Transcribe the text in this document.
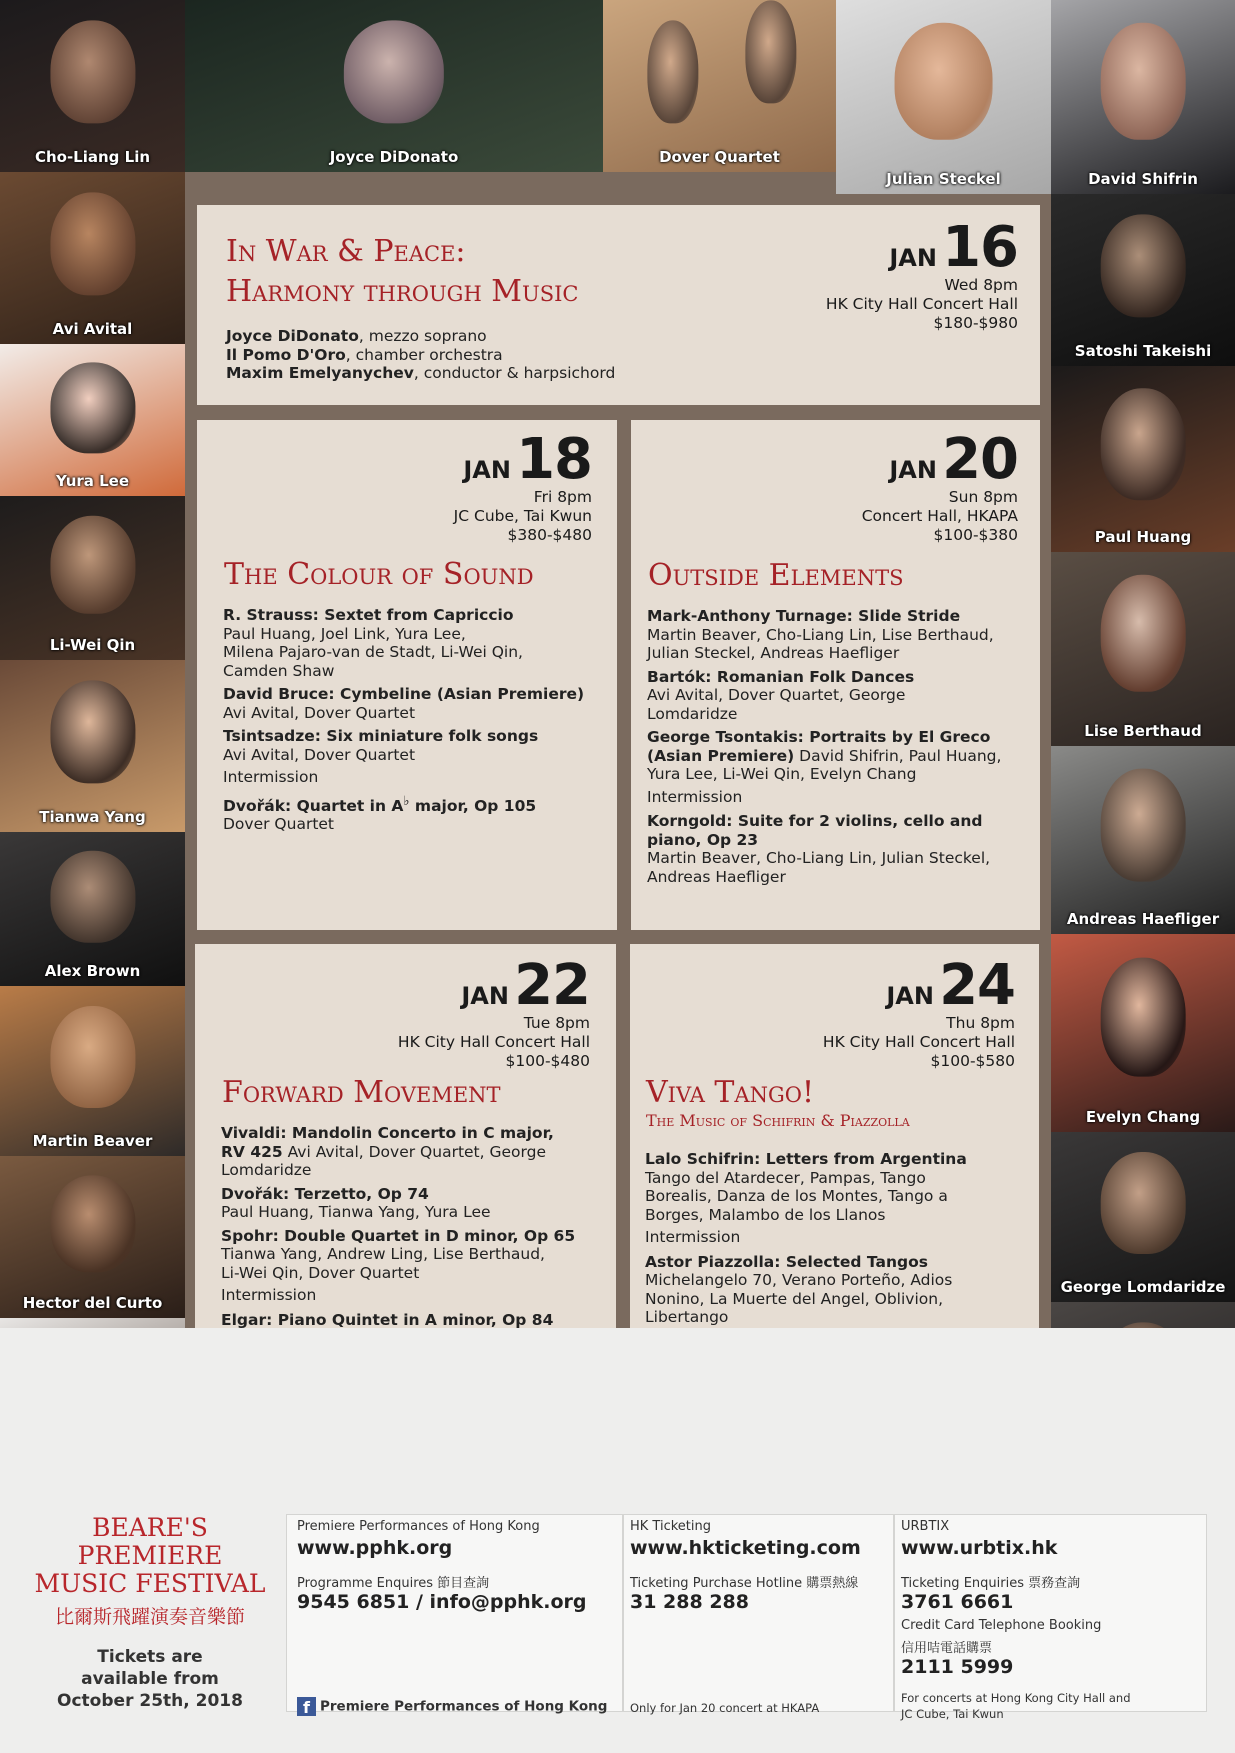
Cho-Liang Lin	Joyce DiDonato	Dover Quartet
Julian Steckel	David Shifrin
Avi Avital
Yura Lee
Li-Wei Qin
Tianwa Yang
Alex Brown
Martin Beaver
Hector del Curto
Satoshi Takeishi
Paul Huang
Lise Berthaud
Andreas Haefliger
Evelyn Chang
George Lomdaridze
In War & Peace:
Harmony through Music
Joyce DiDonato, mezzo soprano
Il Pomo D'Oro, chamber orchestra
Maxim Emelyanychev, conductor & harpsichord
JAN 16
Wed 8pm
HK City Hall Concert Hall
$180-$980
JAN 18
Fri 8pm
JC Cube, Tai Kwun
$380-$480
The Colour of Sound
R. Strauss: Sextet from Capriccio
Paul Huang, Joel Link, Yura Lee,
Milena Pajaro-van de Stadt, Li-Wei Qin,
Camden Shaw
David Bruce: Cymbeline (Asian Premiere)
Avi Avital, Dover Quartet
Tsintsadze: Six miniature folk songs
Avi Avital, Dover Quartet
Intermission
Dvořák: Quartet in A♭ major, Op 105
Dover Quartet
JAN 20
Sun 8pm
Concert Hall, HKAPA
$100-$380
Outside Elements
Mark-Anthony Turnage: Slide Stride
Martin Beaver, Cho-Liang Lin, Lise Berthaud,
Julian Steckel, Andreas Haefliger
Bartók: Romanian Folk Dances
Avi Avital, Dover Quartet, George
Lomdaridze
George Tsontakis: Portraits by El Greco
(Asian Premiere) David Shifrin, Paul Huang,
Yura Lee, Li-Wei Qin, Evelyn Chang
Intermission
Korngold: Suite for 2 violins, cello and
piano, Op 23
Martin Beaver, Cho-Liang Lin, Julian Steckel,
Andreas Haefliger
JAN 22
Tue 8pm
HK City Hall Concert Hall
$100-$480
Forward Movement
Vivaldi: Mandolin Concerto in C major,
RV 425 Avi Avital, Dover Quartet, George
Lomdaridze
Dvořák: Terzetto, Op 74
Paul Huang, Tianwa Yang, Yura Lee
Spohr: Double Quartet in D minor, Op 65
Tianwa Yang, Andrew Ling, Lise Berthaud,
Li-Wei Qin, Dover Quartet
Intermission
Elgar: Piano Quintet in A minor, Op 84
JAN 24
Thu 8pm
HK City Hall Concert Hall
$100-$580
Viva Tango!
The Music of Schifrin & Piazzolla
Lalo Schifrin: Letters from Argentina
Tango del Atardecer, Pampas, Tango
Borealis, Danza de los Montes, Tango a
Borges, Malambo de los Llanos
Intermission
Astor Piazzolla: Selected Tangos
Michelangelo 70, Verano Porteño, Adios
Nonino, La Muerte del Angel, Oblivion,
Libertango
BEARE'S
PREMIERE
MUSIC FESTIVAL
比爾斯飛躍演奏音樂節
Tickets are
available from
October 25th, 2018
Premiere Performances of Hong Kong
www.pphk.org
Programme Enquires 節目查詢
9545 6851 / info@pphk.org
f Premiere Performances of Hong Kong
HK Ticketing
www.hkticketing.com
Ticketing Purchase Hotline 購票熱線
31 288 288
Only for Jan 20 concert at HKAPA
URBTIX
www.urbtix.hk
Ticketing Enquiries 票務查詢
3761 6661
Credit Card Telephone Booking
信用咭電話購票
2111 5999
For concerts at Hong Kong City Hall and
JC Cube, Tai Kwun
